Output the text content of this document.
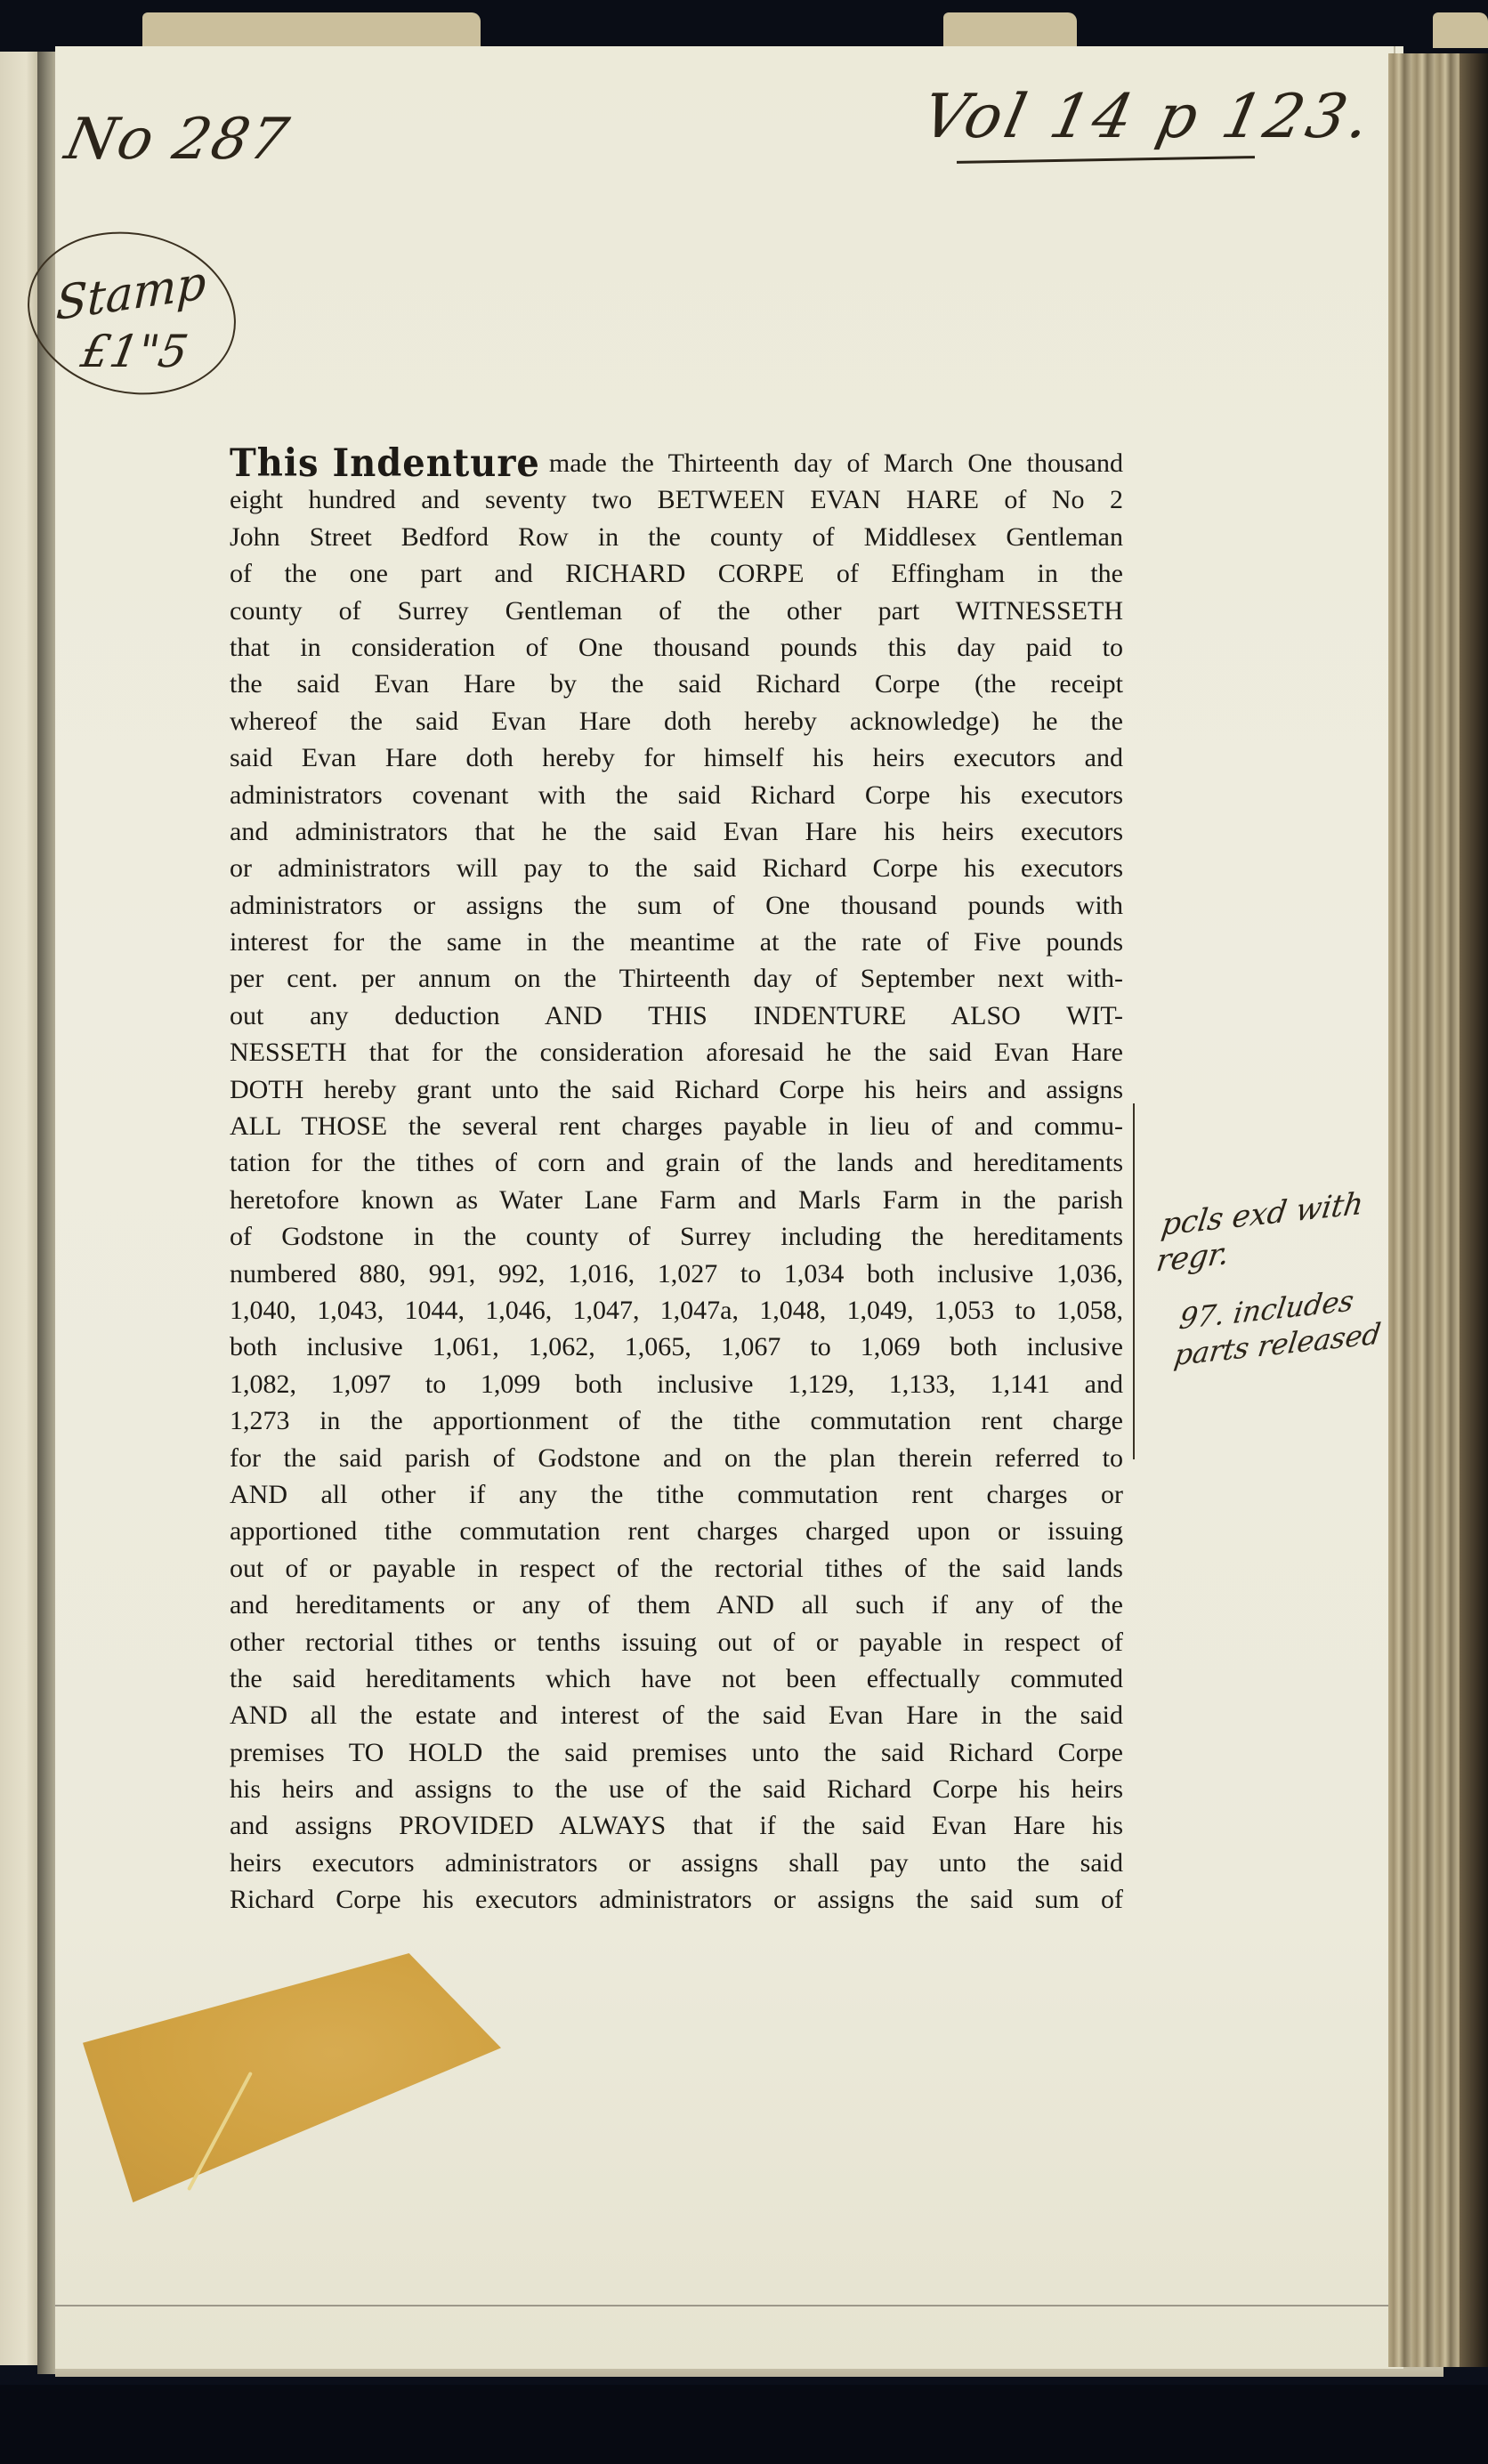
No 287
Stamp
£1"5
Vol 14 p 123.
pcls exd with regr.
97. includes parts released
This Indenture made the Thirteenth day of March One thousand
eight hundred and seventy two BETWEEN EVAN HARE of No 2
John Street Bedford Row in the county of Middlesex Gentleman
of the one part and RICHARD CORPE of Effingham in the
county of Surrey Gentleman of the other part WITNESSETH
that in consideration of One thousand pounds this day paid to
the said Evan Hare by the said Richard Corpe (the receipt
whereof the said Evan Hare doth hereby acknowledge) he the
said Evan Hare doth hereby for himself his heirs executors and
administrators covenant with the said Richard Corpe his executors
and administrators that he the said Evan Hare his heirs executors
or administrators will pay to the said Richard Corpe his executors
administrators or assigns the sum of One thousand pounds with
interest for the same in the meantime at the rate of Five pounds
per cent. per annum on the Thirteenth day of September next with-
out any deduction AND THIS INDENTURE ALSO WIT-
NESSETH that for the consideration aforesaid he the said Evan Hare
DOTH hereby grant unto the said Richard Corpe his heirs and assigns
ALL THOSE the several rent charges payable in lieu of and commu-
tation for the tithes of corn and grain of the lands and hereditaments
heretofore known as Water Lane Farm and Marls Farm in the parish
of Godstone in the county of Surrey including the hereditaments
numbered 880, 991, 992, 1,016, 1,027 to 1,034 both inclusive 1,036,
1,040, 1,043, 1044, 1,046, 1,047, 1,047a, 1,048, 1,049, 1,053 to 1,058,
both inclusive 1,061, 1,062, 1,065, 1,067 to 1,069 both inclusive
1,082, 1,097 to 1,099 both inclusive 1,129, 1,133, 1,141 and
1,273 in the apportionment of the tithe commutation rent charge
for the said parish of Godstone and on the plan therein referred to
AND all other if any the tithe commutation rent charges or
apportioned tithe commutation rent charges charged upon or issuing
out of or payable in respect of the rectorial tithes of the said lands
and hereditaments or any of them AND all such if any of the
other rectorial tithes or tenths issuing out of or payable in respect of
the said hereditaments which have not been effectually commuted
AND all the estate and interest of the said Evan Hare in the said
premises TO HOLD the said premises unto the said Richard Corpe
his heirs and assigns to the use of the said Richard Corpe his heirs
and assigns PROVIDED ALWAYS that if the said Evan Hare his
heirs executors administrators or assigns shall pay unto the said
Richard Corpe his executors administrators or assigns the said sum of
